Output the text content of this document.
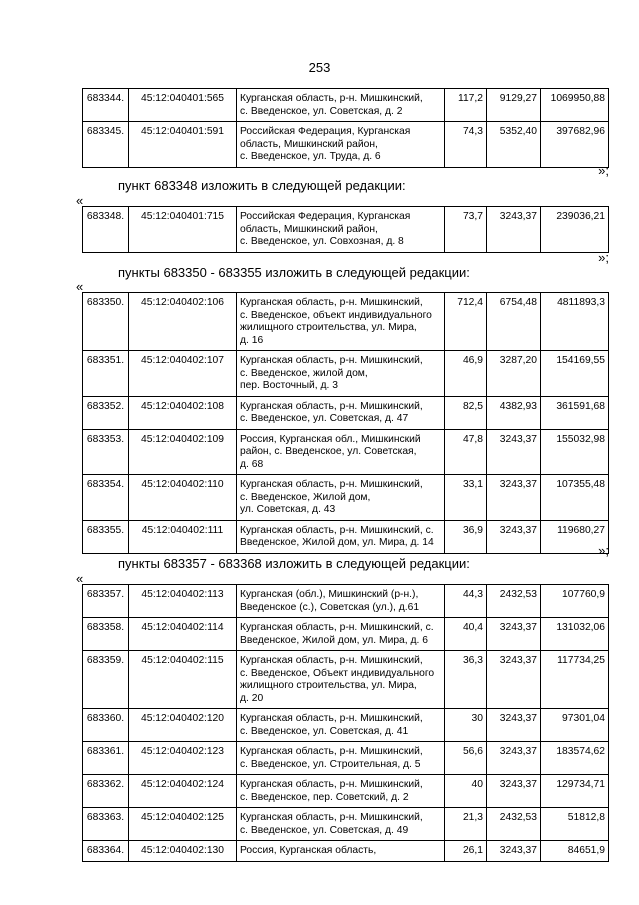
253
683344.	45:12:040401:565	Курганская область, р-н. Мишкинский,
с. Введенское, ул. Советская, д. 2	117,2	9129,27	1069950,88
683345.	45:12:040401:591	Российская Федерация, Курганская
область, Мишкинский район,
с. Введенское, ул. Труда, д. 6	74,3	5352,40	397682,96
»;
пункт 683348 изложить в следующей редакции:
«
683348.	45:12:040401:715	Российская Федерация, Курганская
область, Мишкинский район,
с. Введенское, ул. Совхозная, д. 8	73,7	3243,37	239036,21
»;
пункты 683350 - 683355 изложить в следующей редакции:
«
683350.	45:12:040402:106	Курганская область, р-н. Мишкинский,
с. Введенское, объект индивидуального
жилищного строительства, ул. Мира,
д. 16	712,4	6754,48	4811893,3
683351.	45:12:040402:107	Курганская область, р-н. Мишкинский,
с. Введенское, жилой дом,
пер. Восточный, д. 3	46,9	3287,20	154169,55
683352.	45:12:040402:108	Курганская область, р-н. Мишкинский,
с. Введенское, ул. Советская, д. 47	82,5	4382,93	361591,68
683353.	45:12:040402:109	Россия, Курганская обл., Мишкинский
район, с. Введенское, ул. Советская,
д. 68	47,8	3243,37	155032,98
683354.	45:12:040402:110	Курганская область, р-н. Мишкинский,
с. Введенское, Жилой дом,
ул. Советская, д. 43	33,1	3243,37	107355,48
683355.	45:12:040402:111	Курганская область, р-н. Мишкинский, с.
Введенское, Жилой дом, ул. Мира, д. 14	36,9	3243,37	119680,27
»;
пункты 683357 - 683368 изложить в следующей редакции:
«
683357.	45:12:040402:113	Курганская (обл.), Мишкинский (р-н.),
Введенское (с.), Советская (ул.), д.61	44,3	2432,53	107760,9
683358.	45:12:040402:114	Курганская область, р-н. Мишкинский, с.
Введенское, Жилой дом, ул. Мира, д. 6	40,4	3243,37	131032,06
683359.	45:12:040402:115	Курганская область, р-н. Мишкинский,
с. Введенское, Объект индивидуального
жилищного строительства, ул. Мира,
д. 20	36,3	3243,37	117734,25
683360.	45:12:040402:120	Курганская область, р-н. Мишкинский,
с. Введенское, ул. Советская, д. 41	30	3243,37	97301,04
683361.	45:12:040402:123	Курганская область, р-н. Мишкинский,
с. Введенское, ул. Строительная, д. 5	56,6	3243,37	183574,62
683362.	45:12:040402:124	Курганская область, р-н. Мишкинский,
с. Введенское, пер. Советский, д. 2	40	3243,37	129734,71
683363.	45:12:040402:125	Курганская область, р-н. Мишкинский,
с. Введенское, ул. Советская, д. 49	21,3	2432,53	51812,8
683364.	45:12:040402:130	Россия, Курганская область,	26,1	3243,37	84651,9
